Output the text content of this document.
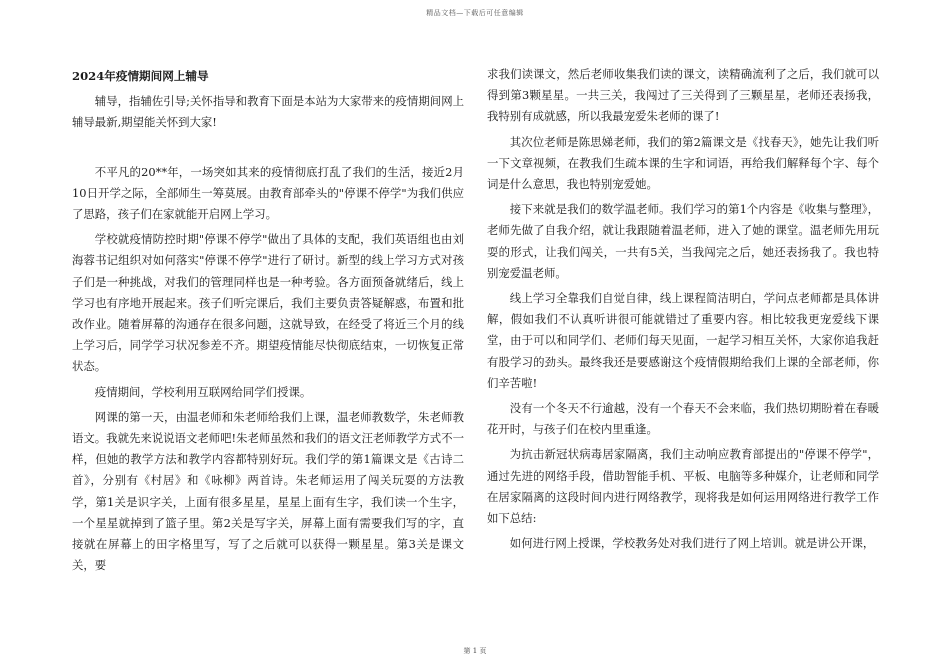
精品文档—下载后可任意编辑
2024年疫情期间网上辅导

辅导，指辅佐引导;关怀指导和教育下面是本站为大家带来的疫情期间网上辅导最新,期望能关怀到大家!

不平凡的20**年，一场突如其来的疫情彻底打乱了我们的生活，接近2月10日开学之际，全部师生一筹莫展。由教育部牵头的"停课不停学"为我们供应了思路，孩子们在家就能开启网上学习。

学校就疫情防控时期"停课不停学"做出了具体的支配，我们英语组也由刘海蓉书记组织对如何落实"停课不停学"进行了研讨。新型的线上学习方式对孩子们是一种挑战，对我们的管理同样也是一种考验。各方面预备就绪后，线上学习也有序地开展起来。孩子们听完课后，我们主要负责答疑解惑，布置和批改作业。随着屏幕的沟通存在很多问题，这就导致，在经受了将近三个月的线上学习后，同学学习状况参差不齐。期望疫情能尽快彻底结束，一切恢复正常状态。

疫情期间，学校利用互联网给同学们授课。

网课的第一天，由温老师和朱老师给我们上课，温老师教数学，朱老师教语文。我就先来说说语文老师吧!朱老师虽然和我们的语文汪老师教学方式不一样，但她的教学方法和教学内容都特别好玩。我们学的第1篇课文是《古诗二首》，分别有《村居》和《咏柳》两首诗。朱老师运用了闯关玩耍的方法教学，第1关是识字关，上面有很多星星，星星上面有生字，我们读一个生字，一个星星就掉到了篮子里。第2关是写字关，屏幕上面有需要我们写的字，直接就在屏幕上的田字格里写，写了之后就可以获得一颗星星。第3关是课文关，要

求我们读课文，然后老师收集我们读的课文，读精确流利了之后，我们就可以得到第3颗星星。一共三关，我闯过了三关得到了三颗星星，老师还表扬我，我特别有成就感，所以我最宠爱朱老师的课了!

其次位老师是陈思娣老师，我们的第2篇课文是《找春天》，她先让我们听一下文章视频，在教我们生疏本课的生字和词语，再给我们解释每个字、每个词是什么意思，我也特别宠爱她。

接下来就是我们的数学温老师。我们学习的第1个内容是《收集与整理》，老师先做了自我介绍，就让我跟随着温老师，进入了她的课堂。温老师先用玩耍的形式，让我们闯关，一共有5关，当我闯完之后，她还表扬我了。我也特别宠爱温老师。

线上学习全靠我们自觉自律，线上课程简洁明白，学问点老师都是具体讲解，假如我们不认真听讲很可能就错过了重要内容。相比较我更宠爱线下课堂，由于可以和同学们、老师们每天见面，一起学习相互关怀，大家你追我赶有股学习的劲头。最终我还是要感谢这个疫情假期给我们上课的全部老师，你们辛苦啦!

没有一个冬天不行逾越，没有一个春天不会来临，我们热切期盼着在春暖花开时，与孩子们在校内里重逢。

为抗击新冠状病毒居家隔离，我们主动响应教育部提出的"停课不停学"，通过先进的网络手段，借助智能手机、平板、电脑等多种媒介，让老师和同学在居家隔离的这段时间内进行网络教学，现将我是如何运用网络进行教学工作如下总结:

如何进行网上授课，学校教务处对我们进行了网上培训。就是讲公开课，

第 1 页
